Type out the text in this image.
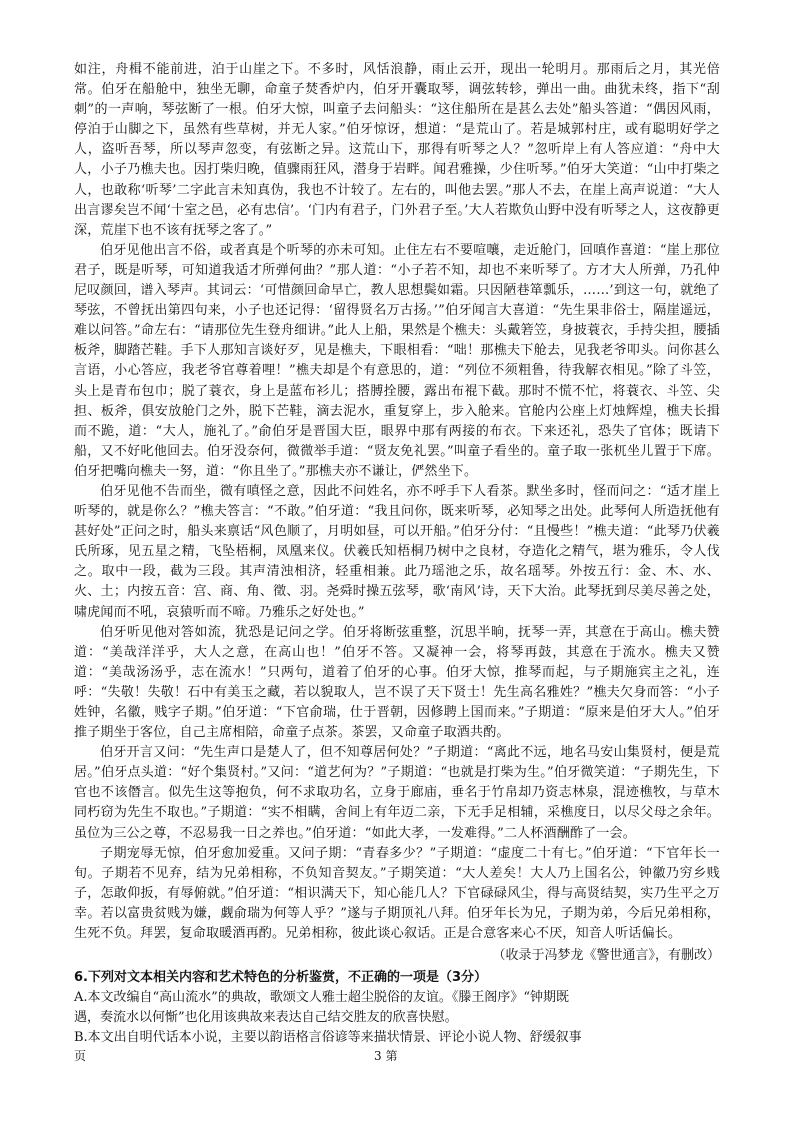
如注，舟楫不能前进，泊于山崖之下。不多时，风恬浪静，雨止云开，现出一轮明月。那雨后之月，其光倍常。伯牙在船舱中，独坐无聊，命童子焚香炉内，伯牙开囊取琴，调弦转轸，弹出一曲。曲犹未终，指下“刮刺”的一声响，琴弦断了一根。伯牙大惊，叫童子去问船头：“这住船所在是甚么去处”船头答道：“偶因风雨，停泊于山脚之下，虽然有些草树，并无人家。”伯牙惊讶，想道：“是荒山了。若是城郭村庄，或有聪明好学之人，盗听吾琴，所以琴声忽变，有弦断之异。这荒山下，那得有听琴之人？”忽听岸上有人答应道：“舟中大人，小子乃樵夫也。因打柴归晚，值骤雨狂风，潜身于岩畔。闻君雅操，少住听琴。”伯牙大笑道：“山中打柴之人，也敢称‘听琴’二字此言未知真伪，我也不计较了。左右的，叫他去罢。”那人不去，在崖上高声说道：“大人出言谬矣岂不闻‘十室之邑，必有忠信’。‘门内有君子，门外君子至。’大人若欺负山野中没有听琴之人，这夜静更深，荒崖下也不该有抚琴之客了。”

伯牙见他出言不俗，或者真是个听琴的亦未可知。止住左右不要喧嚷，走近舱门，回嗔作喜道：“崖上那位君子，既是听琴，可知道我适才所弹何曲？”那人道：“小子若不知，却也不来听琴了。方才大人所弹，乃孔仲尼叹颜回，谱入琴声。其词云：‘可惜颜回命早亡，教人思想鬓如霜。只因陋巷箪瓢乐，……’到这一句，就绝了琴弦，不曾抚出第四句来，小子也还记得：‘留得贤名万古扬。’”伯牙闻言大喜道：“先生果非俗士，隔崖遥远，难以问答。”命左右：“请那位先生登舟细讲。”此人上船，果然是个樵夫：头戴箬笠，身披蓑衣，手持尖担，腰插板斧，脚踏芒鞋。手下人那知言谈好歹，见是樵夫，下眼相看：“咄！那樵夫下舱去，见我老爷叩头。问你甚么言语，小心答应，我老爷官尊着哩！”樵夫却是个有意思的，道：“列位不须粗鲁，待我解衣相见。”除了斗笠，头上是青布包巾；脱了蓑衣，身上是蓝布衫儿；搭膊拴腰，露出布裩下截。那时不慌不忙，将蓑衣、斗笠、尖担、板斧，俱安放舱门之外，脱下芒鞋，滴去泥水，重复穿上，步入舱来。官舱内公座上灯烛辉煌，樵夫长揖而不跪，道：“大人，施礼了。”俞伯牙是晋国大臣，眼界中那有两接的布衣。下来还礼，恐失了官体；既请下船，又不好叱他回去。伯牙没奈何，微微举手道：“贤友免礼罢。”叫童子看坐的。童子取一张杌坐儿置于下席。伯牙把嘴向樵夫一努，道：“你且坐了。”那樵夫亦不谦让，俨然坐下。

伯牙见他不告而坐，微有嗔怪之意，因此不问姓名，亦不呼手下人看茶。默坐多时，怪而问之：“适才崖上听琴的，就是你么？”樵夫答言：“不敢。”伯牙道：“我且问你，既来听琴，必知琴之出处。此琴何人所造抚他有甚好处”正问之时，船头来禀话“风色顺了，月明如昼，可以开船。”伯牙分付：“且慢些！”樵夫道：“此琴乃伏羲氏所琢，见五星之精，飞坠梧桐，凤凰来仪。伏羲氏知梧桐乃树中之良材，夺造化之精气，堪为雅乐，令人伐之。取中一段，截为三段。其声清浊相济，轻重相兼。此乃瑶池之乐，故名瑶琴。外按五行：金、木、水、火、土；内按五音：宫、商、角、徵、羽。尧舜时操五弦琴，歌‘南风’诗，天下大治。此琴抚到尽美尽善之处，啸虎闻而不吼，哀猿听而不啼。乃雅乐之好处也。”

伯牙听见他对答如流，犹恐是记问之学。伯牙将断弦重整，沉思半晌，抚琴一弄，其意在于高山。樵夫赞道：“美哉洋洋乎，大人之意，在高山也！”伯牙不答。又凝神一会，将琴再鼓，其意在于流水。樵夫又赞道：“美哉汤汤乎，志在流水！”只两句，道着了伯牙的心事。伯牙大惊，推琴而起，与子期施宾主之礼，连呼：“失敬！失敬！石中有美玉之藏，若以貌取人，岂不误了天下贤士！先生高名雅姓？”樵夫欠身而答：“小子姓钟，名徽，贱字子期。”伯牙道：“下官俞瑞，仕于晋朝，因修聘上国而来。”子期道：“原来是伯牙大人。”伯牙推子期坐于客位，自己主席相陪，命童子点茶。茶罢，又命童子取酒共酌。

伯牙开言又问：“先生声口是楚人了，但不知尊居何处？”子期道：“离此不远，地名马安山集贤村，便是荒居。”伯牙点头道：“好个集贤村。”又问：“道艺何为？”子期道：“也就是打柴为生。”伯牙微笑道：“子期先生，下官也不该僭言。似先生这等抱负，何不求取功名，立身于廊庙，垂名于竹帛却乃资志林泉，混迹樵牧，与草木同朽窃为先生不取也。”子期道：“实不相瞒，舍间上有年迈二亲，下无手足相辅，采樵度日，以尽父母之余年。虽位为三公之尊，不忍易我一日之养也。”伯牙道：“如此大孝，一发难得。”二人杯酒酬酢了一会。

子期宠辱无惊，伯牙愈加爱重。又问子期：“青春多少？”子期道：“虚度二十有七。”伯牙道：“下官年长一旬。子期若不见弃，结为兄弟相称，不负知音契友。”子期笑道：“大人差矣！大人乃上国名公，钟徽乃穷乡贱子，怎敢仰扳，有辱俯就。”伯牙道：“相识满天下，知心能几人？下官碌碌风尘，得与高贤结契，实乃生平之万幸。若以富贵贫贱为嫌，觑俞瑞为何等人乎？”遂与子期顶礼八拜。伯牙年长为兄，子期为弟，今后兄弟相称，生死不负。拜罢，复命取暖酒再酌。兄弟相称，彼此谈心叙话。正是合意客来心不厌，知音人听话偏长。

（收录于冯梦龙《警世通言》，有删改）
6.下列对文本相关内容和艺术特色的分析鉴赏，不正确的一项是（3分）
A.本文改编自“高山流水”的典故，歌颂文人雅士超尘脱俗的友谊。《滕王阁序》“钟期既
遇，奏流水以何惭”也化用该典故来表达自己结交胜友的欣喜快慰。
B.本文出自明代话本小说，主要以韵语格言俗谚等来描状情景、评论小说人物、舒缓叙事
页	3 第
